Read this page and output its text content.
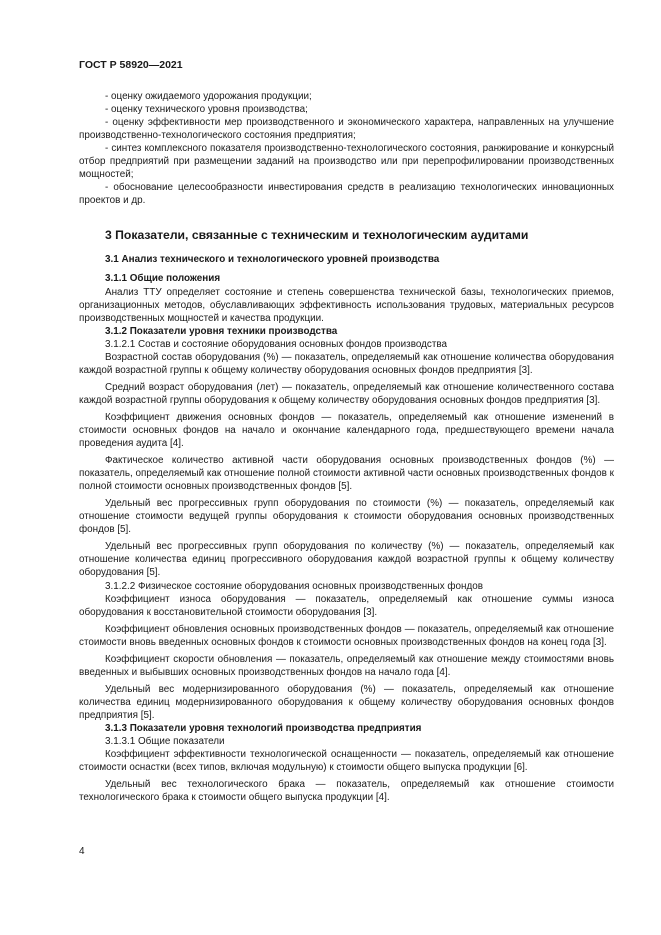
ГОСТ Р 58920—2021

- оценку ожидаемого удорожания продукции;

- оценку технического уровня производства;

- оценку эффективности мер производственного и экономического характера, направленных на улучшение производственно-технологического состояния предприятия;

- синтез комплексного показателя производственно-технологического состояния, ранжирование и конкурсный отбор предприятий при размещении заданий на производство или при перепрофилировании производственных мощностей;

- обоснование целесообразности инвестирования средств в реализацию технологических инновационных проектов и др.

3 Показатели, связанные с техническим и технологическим аудитами

3.1 Анализ технического и технологического уровней производства

3.1.1 Общие положения

Анализ ТТУ определяет состояние и степень совершенства технической базы, технологических приемов, организационных методов, обуславливающих эффективность использования трудовых, материальных ресурсов производственных мощностей и качества продукции.

3.1.2 Показатели уровня техники производства

3.1.2.1 Состав и состояние оборудования основных фондов производства

Возрастной состав оборудования (%) — показатель, определяемый как отношение количества оборудования каждой возрастной группы к общему количеству оборудования основных фондов предприятия [3].

Средний возраст оборудования (лет) — показатель, определяемый как отношение количественного состава каждой возрастной группы оборудования к общему количеству оборудования основных фондов предприятия [3].

Коэффициент движения основных фондов — показатель, определяемый как отношение изменений в стоимости основных фондов на начало и окончание календарного года, предшествующего времени начала проведения аудита [4].

Фактическое количество активной части оборудования основных производственных фондов (%) — показатель, определяемый как отношение полной стоимости активной части основных производственных фондов к полной стоимости основных производственных фондов [5].

Удельный вес прогрессивных групп оборудования по стоимости (%) — показатель, определяемый как отношение стоимости ведущей группы оборудования к стоимости оборудования основных производственных фондов [5].

Удельный вес прогрессивных групп оборудования по количеству (%) — показатель, определяемый как отношение количества единиц прогрессивного оборудования каждой возрастной группы к общему количеству оборудования [5].

3.1.2.2 Физическое состояние оборудования основных производственных фондов

Коэффициент износа оборудования — показатель, определяемый как отношение суммы износа оборудования к восстановительной стоимости оборудования [3].

Коэффициент обновления основных производственных фондов — показатель, определяемый как отношение стоимости вновь введенных основных фондов к стоимости основных производственных фондов на конец года [3].

Коэффициент скорости обновления — показатель, определяемый как отношение между стоимостями вновь введенных и выбывших основных производственных фондов на начало года [4].

Удельный вес модернизированного оборудования (%) — показатель, определяемый как отношение количества единиц модернизированного оборудования к общему количеству оборудования основных фондов предприятия [5].

3.1.3 Показатели уровня технологий производства предприятия

3.1.3.1 Общие показатели

Коэффициент эффективности технологической оснащенности — показатель, определяемый как отношение стоимости оснастки (всех типов, включая модульную) к стоимости общего выпуска продукции [6].

Удельный вес технологического брака — показатель, определяемый как отношение стоимости технологического брака к стоимости общего выпуска продукции [4].

4
